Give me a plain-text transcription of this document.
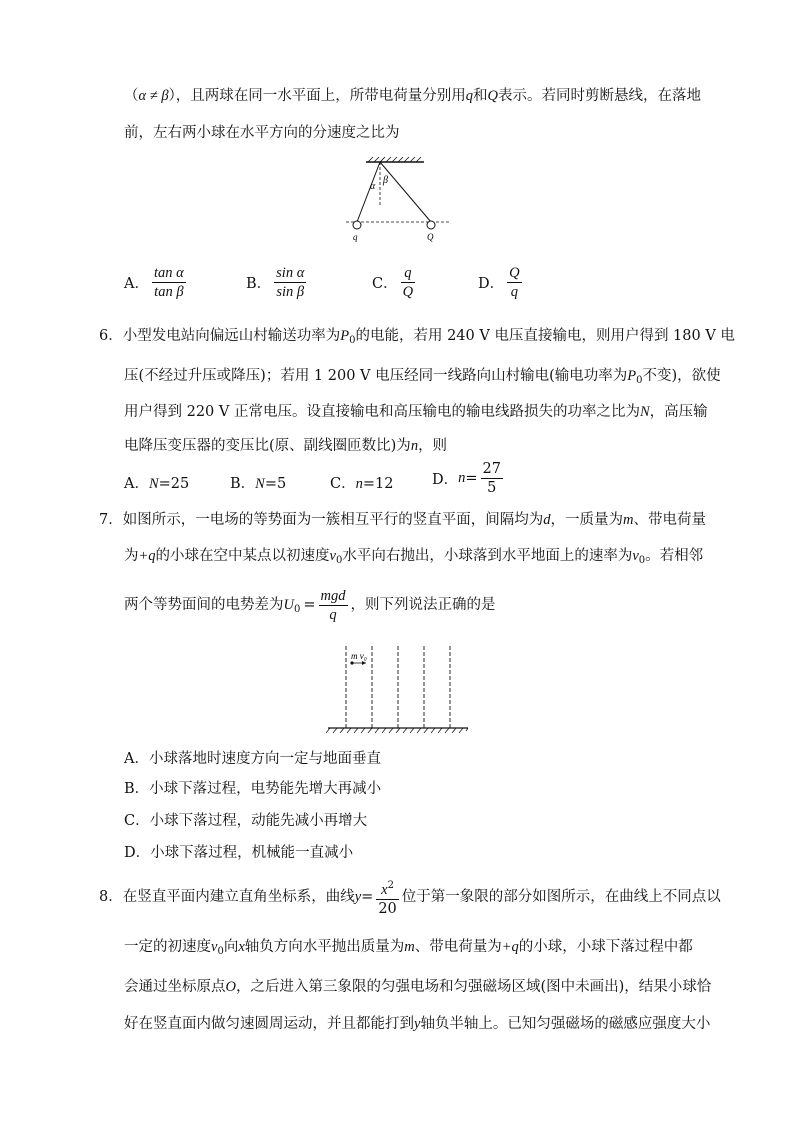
（α ≠ β），且两球在同一水平面上，所带电荷量分别用q和Q表示。若同时剪断悬线，在落地
前，左右两小球在水平方向的分速度之比为
α
β
q	Q
A． $\frac{\text{tan α}}{\text{tan β}}$	B． $\frac{\text{sin α}}{\text{sin β}}$	C． $\frac{q}{Q}$	D． $\frac{Q}{q}$
6．小型发电站向偏远山村输送功率为$P_0$的电能，若用 240 V 电压直接输电，则用户得到 180 V 电
压(不经过升压或降压)；若用 1 200 V 电压经同一线路向山村输电(输电功率为$P_0$不变)，欲使
用户得到 220 V 正常电压。设直接输电和高压输电的输电线路损失的功率之比为N，高压输
电降压变压器的变压比(原、副线圈匝数比)为n，则
A．N=25	B．N=5	C．n=12	D．$n= \frac{27}{5}$
7．如图所示，一电场的等势面为一簇相互平行的竖直平面，间隔均为d，一质量为m、带电荷量
为+q的小球在空中某点以初速度$v_0$水平向右抛出，小球落到水平地面上的速率为$v_0$。若相邻
两个等势面间的电势差为$U_0 = \frac{\text{mgd}}{q}$ ，则下列说法正确的是
m v₀
A．小球落地时速度方向一定与地面垂直
B．小球下落过程，电势能先增大再减小
C．小球下落过程，动能先减小再增大
D．小球下落过程，机械能一直减小
8．在竖直平面内建立直角坐标系，曲线$y= \frac{x^2}{20}$ 位于第一象限的部分如图所示，在曲线上不同点以
一定的初速度$v_0$向x轴负方向水平抛出质量为m、带电荷量为+q的小球，小球下落过程中都
会通过坐标原点O，之后进入第三象限的匀强电场和匀强磁场区域(图中未画出)，结果小球恰
好在竖直面内做匀速圆周运动，并且都能打到y轴负半轴上。已知匀强磁场的磁感应强度大小
